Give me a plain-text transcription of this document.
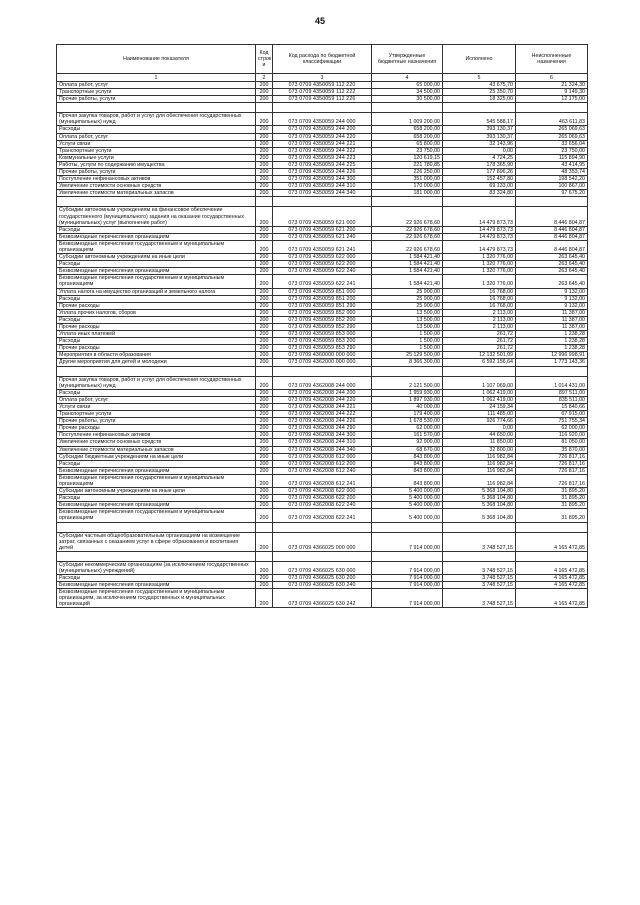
45
Наименование показателя	Код строк и	Код расхода по бюджетной классификации	Утвержденные бюджетные назначения	Исполнено	Неисполненные назначения
1	2	3	4	5	6
Оплата работ, услуг	200	073 0709 4350059 112 220	65 000,00	43 675,70	21 324,30
Транспортные услуги	200	073 0709 4350059 112 222	34 500,00	25 350,70	9 149,30
Прочие работы, услуги	200	073 0709 4350059 112 226	30 500,00	18 325,00	12 175,00

Прочая закупка товаров, работ и услуг для обеспечения государственных (муниципальных) нужд	200	073 0709 4350059 244 000	1 009 200,00	545 588,17	463 611,83
Расходы	200	073 0709 4350059 244 200	658 200,00	393 130,37	265 069,63
Оплата работ, услуг	200	073 0709 4350059 244 220	658 200,00	393 130,37	265 069,63
Услуги связи	200	073 0709 4350059 244 221	65 800,00	32 143,96	33 656,04
Транспортные услуги	200	073 0709 4350059 244 222	23 750,00	0,00	23 750,00
Коммунальные услуги	200	073 0709 4350059 244 223	120 619,15	4 724,25	115 894,90
Работы, услуги по содержанию имущества	200	073 0709 4350059 244 225	221 780,85	178 365,90	43 414,95
Прочие работы, услуги	200	073 0709 4350059 244 226	226 250,00	177 896,26	48 353,74
Поступление нефинансовых активов	200	073 0709 4350059 244 300	351 000,00	152 457,80	198 542,20
Увеличение стоимости основных средств	200	073 0709 4350059 244 310	170 000,00	69 133,00	100 867,00
Увеличение стоимости материальных запасов	200	073 0709 4350059 244 340	181 000,00	83 324,80	97 675,20

Субсидии автономным учреждениям на финансовое обеспечение государственного (муниципального) задания на оказание государственных (муниципальных) услуг (выполнение работ)	200	073 0709 4350059 621 000	22 926 678,60	14 479 873,73	8 446 804,87
Расходы	200	073 0709 4350059 621 200	22 926 678,60	14 479 873,73	8 446 804,87
Безвозмездные перечисления организациям	200	073 0709 4350059 621 240	22 926 678,60	14 479 873,73	8 446 804,87
Безвозмездные перечисления государственным и муниципальным организациям	200	073 0709 4350059 621 241	22 926 678,60	14 479 873,73	8 446 804,87
Субсидии автономным учреждениям на иные цели	200	073 0709 4350059 622 000	1 584 421,40	1 320 776,00	263 645,40
Расходы	200	073 0709 4350059 622 200	1 584 421,40	1 320 776,00	263 645,40
Безвозмездные перечисления организациям	200	073 0709 4350059 622 240	1 584 421,40	1 320 776,00	263 645,40
Безвозмездные перечисления государственным и муниципальным организациям	200	073 0709 4350059 622 241	1 584 421,40	1 320 776,00	263 645,40
Уплата налога на имущество организаций и земельного налога	200	073 0709 4350059 851 000	25 900,00	16 768,00	9 132,00
Расходы	200	073 0709 4350059 851 200	25 900,00	16 768,00	9 132,00
Прочие расходы	200	073 0709 4350059 851 290	25 900,00	16 768,00	9 132,00
Уплата прочих налогов, сборов	200	073 0709 4350059 852 000	13 500,00	2 113,00	11 387,00
Расходы	200	073 0709 4350059 852 200	13 500,00	2 113,00	11 387,00
Прочие расходы	200	073 0709 4350059 852 290	13 500,00	2 113,00	11 387,00
Уплата иных платежей	200	073 0709 4350059 853 000	1 500,00	261,72	1 238,28
Расходы	200	073 0709 4350059 853 200	1 500,00	261,72	1 238,28
Прочие расходы	200	073 0709 4350059 853 290	1 500,00	261,72	1 238,28
Мероприятия в области образования	200	073 0709 4360000 000 000	25 129 500,00	12 132 501,09	12 996 998,91
Другие мероприятия для детей и молодежи	200	073 0709 4362000 000 000	8 366 300,00	6 592 156,64	1 773 143,36

Прочая закупка товаров, работ и услуг для обеспечения государственных (муниципальных) нужд	200	073 0709 4362008 244 000	2 121 500,00	1 107 069,00	1 014 431,00
Расходы	200	073 0709 4362008 244 200	1 959 930,00	1 062 419,00	897 511,00
Оплата работ, услуг	200	073 0709 4362008 244 220	1 897 930,00	1 062 419,00	835 511,00
Услуги связи	200	073 0709 4362008 244 221	40 000,00	24 159,34	15 840,66
Транспортные услуги	200	073 0709 4362008 244 222	179 400,00	111 485,00	67 915,00
Прочие работы, услуги	200	073 0709 4362008 244 226	1 678 530,00	926 774,66	751 755,34
Прочие расходы	200	073 0709 4362008 244 290	62 000,00	0,00	62 000,00
Поступление нефинансовых активов	200	073 0709 4362008 244 300	161 570,00	44 650,00	116 920,00
Увеличение стоимости основных средств	200	073 0709 4362008 244 310	92 900,00	11 850,00	81 050,00
Увеличение стоимости материальных запасов	200	073 0709 4362008 244 340	68 670,00	32 800,00	35 870,00
Субсидии бюджетным учреждениям на иные цели	200	073 0709 4362008 612 000	843 800,00	116 982,84	726 817,16
Расходы	200	073 0709 4362008 612 200	843 800,00	116 982,84	726 817,16
Безвозмездные перечисления организациям	200	073 0709 4362008 612 240	843 800,00	116 982,84	726 817,16
Безвозмездные перечисления государственным и муниципальным организациям	200	073 0709 4362008 612 241	843 800,00	116 982,84	726 817,16
Субсидии автономным учреждениям на иные цели	200	073 0709 4362008 622 000	5 400 000,00	5 368 104,80	31 895,20
Расходы	200	073 0709 4362008 622 200	5 400 000,00	5 368 104,80	31 895,20
Безвозмездные перечисления организациям	200	073 0709 4362008 622 240	5 400 000,00	5 368 104,80	31 895,20
Безвозмездные перечисления государственным и муниципальным организациям	200	073 0709 4362008 622 241	5 400 000,00	5 368 104,80	31 895,20

Субсидии частным общеобразовательным организациям на возмещение затрат, связанных с оказанием услуг в сфере образования и воспитания детей	200	073 0709 4366025 000 000	7 914 000,00	3 748 527,15	4 165 472,85

Субсидии некоммерческим организациям (за исключением государственных (муниципальных) учреждений)	200	073 0709 4366025 630 000	7 914 000,00	3 748 527,15	4 165 472,85
Расходы	200	073 0709 4366025 630 200	7 914 000,00	3 748 527,15	4 165 472,85
Безвозмездные перечисления организациям	200	073 0709 4366025 630 240	7 914 000,00	3 748 527,15	4 165 472,85
Безвозмездные перечисления государственным и муниципальным организациям, за исключением государственных и муниципальных организаций	200	073 0709 4366025 630 242	7 914 000,00	3 748 527,15	4 165 472,85
